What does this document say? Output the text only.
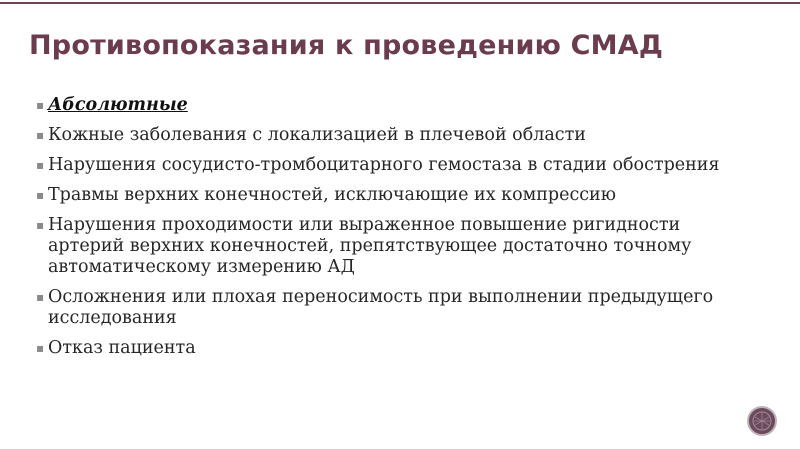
Противопоказания к проведению СМАД
▪ Абсолютные
▪ Кожные заболевания с локализацией в плечевой области
▪ Нарушения сосудисто-тромбоцитарного гемостаза в стадии обострения
▪ Травмы верхних конечностей, исключающие их компрессию
▪ Нарушения проходимости или выраженное повышение ригидности артерий верхних конечностей, препятствующее достаточно точному автоматическому измерению АД
▪ Осложнения или плохая переносимость при выполнении предыдущего исследования
▪ Отказ пациента
